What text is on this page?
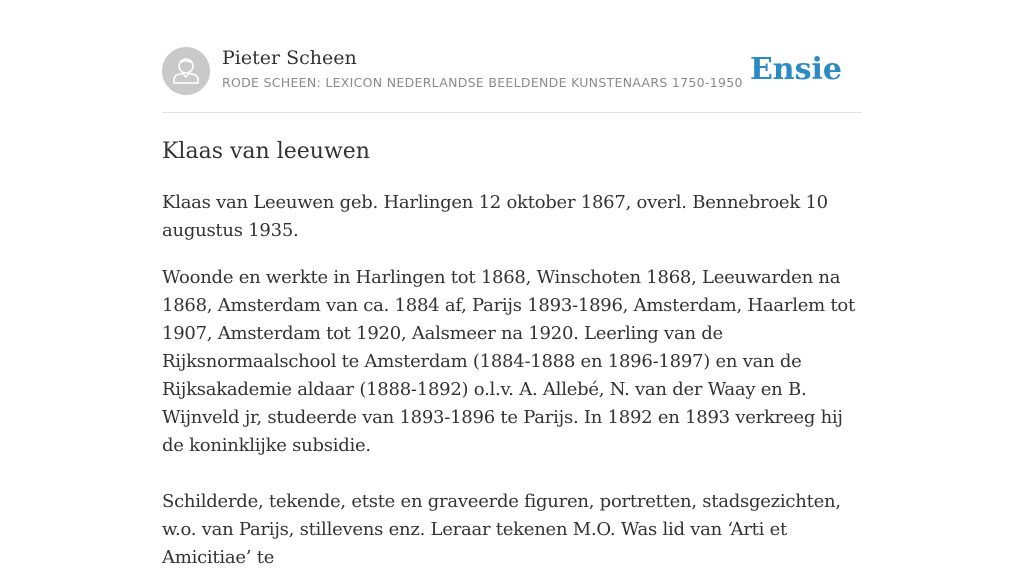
Pieter Scheen
RODE SCHEEN: LEXICON NEDERLANDSE BEELDENDE KUNSTENAARS 1750-1950 Ensie
Klaas van leeuwen

Klaas van Leeuwen geb. Harlingen 12 oktober 1867, overl. Bennebroek 10 augustus 1935.

Woonde en werkte in Harlingen tot 1868, Winschoten 1868, Leeuwarden na 1868, Amsterdam van ca. 1884 af, Parijs 1893-1896, Amsterdam, Haarlem tot 1907, Amsterdam tot 1920, Aalsmeer na 1920. Leerling van de Rijksnormaalschool te Amsterdam (1884-1888 en 1896-1897) en van de Rijksakademie aldaar (1888-1892) o.l.v. A. Allebé, N. van der Waay en B. Wijnveld jr, studeerde van 1893-1896 te Parijs. In 1892 en 1893 verkreeg hij de koninklijke subsidie.

Schilderde, tekende, etste en graveerde figuren, portretten, stadsgezichten, w.o. van Parijs, stillevens enz. Leraar tekenen M.O. Was lid van ‘Arti et Amicitiae’ te
